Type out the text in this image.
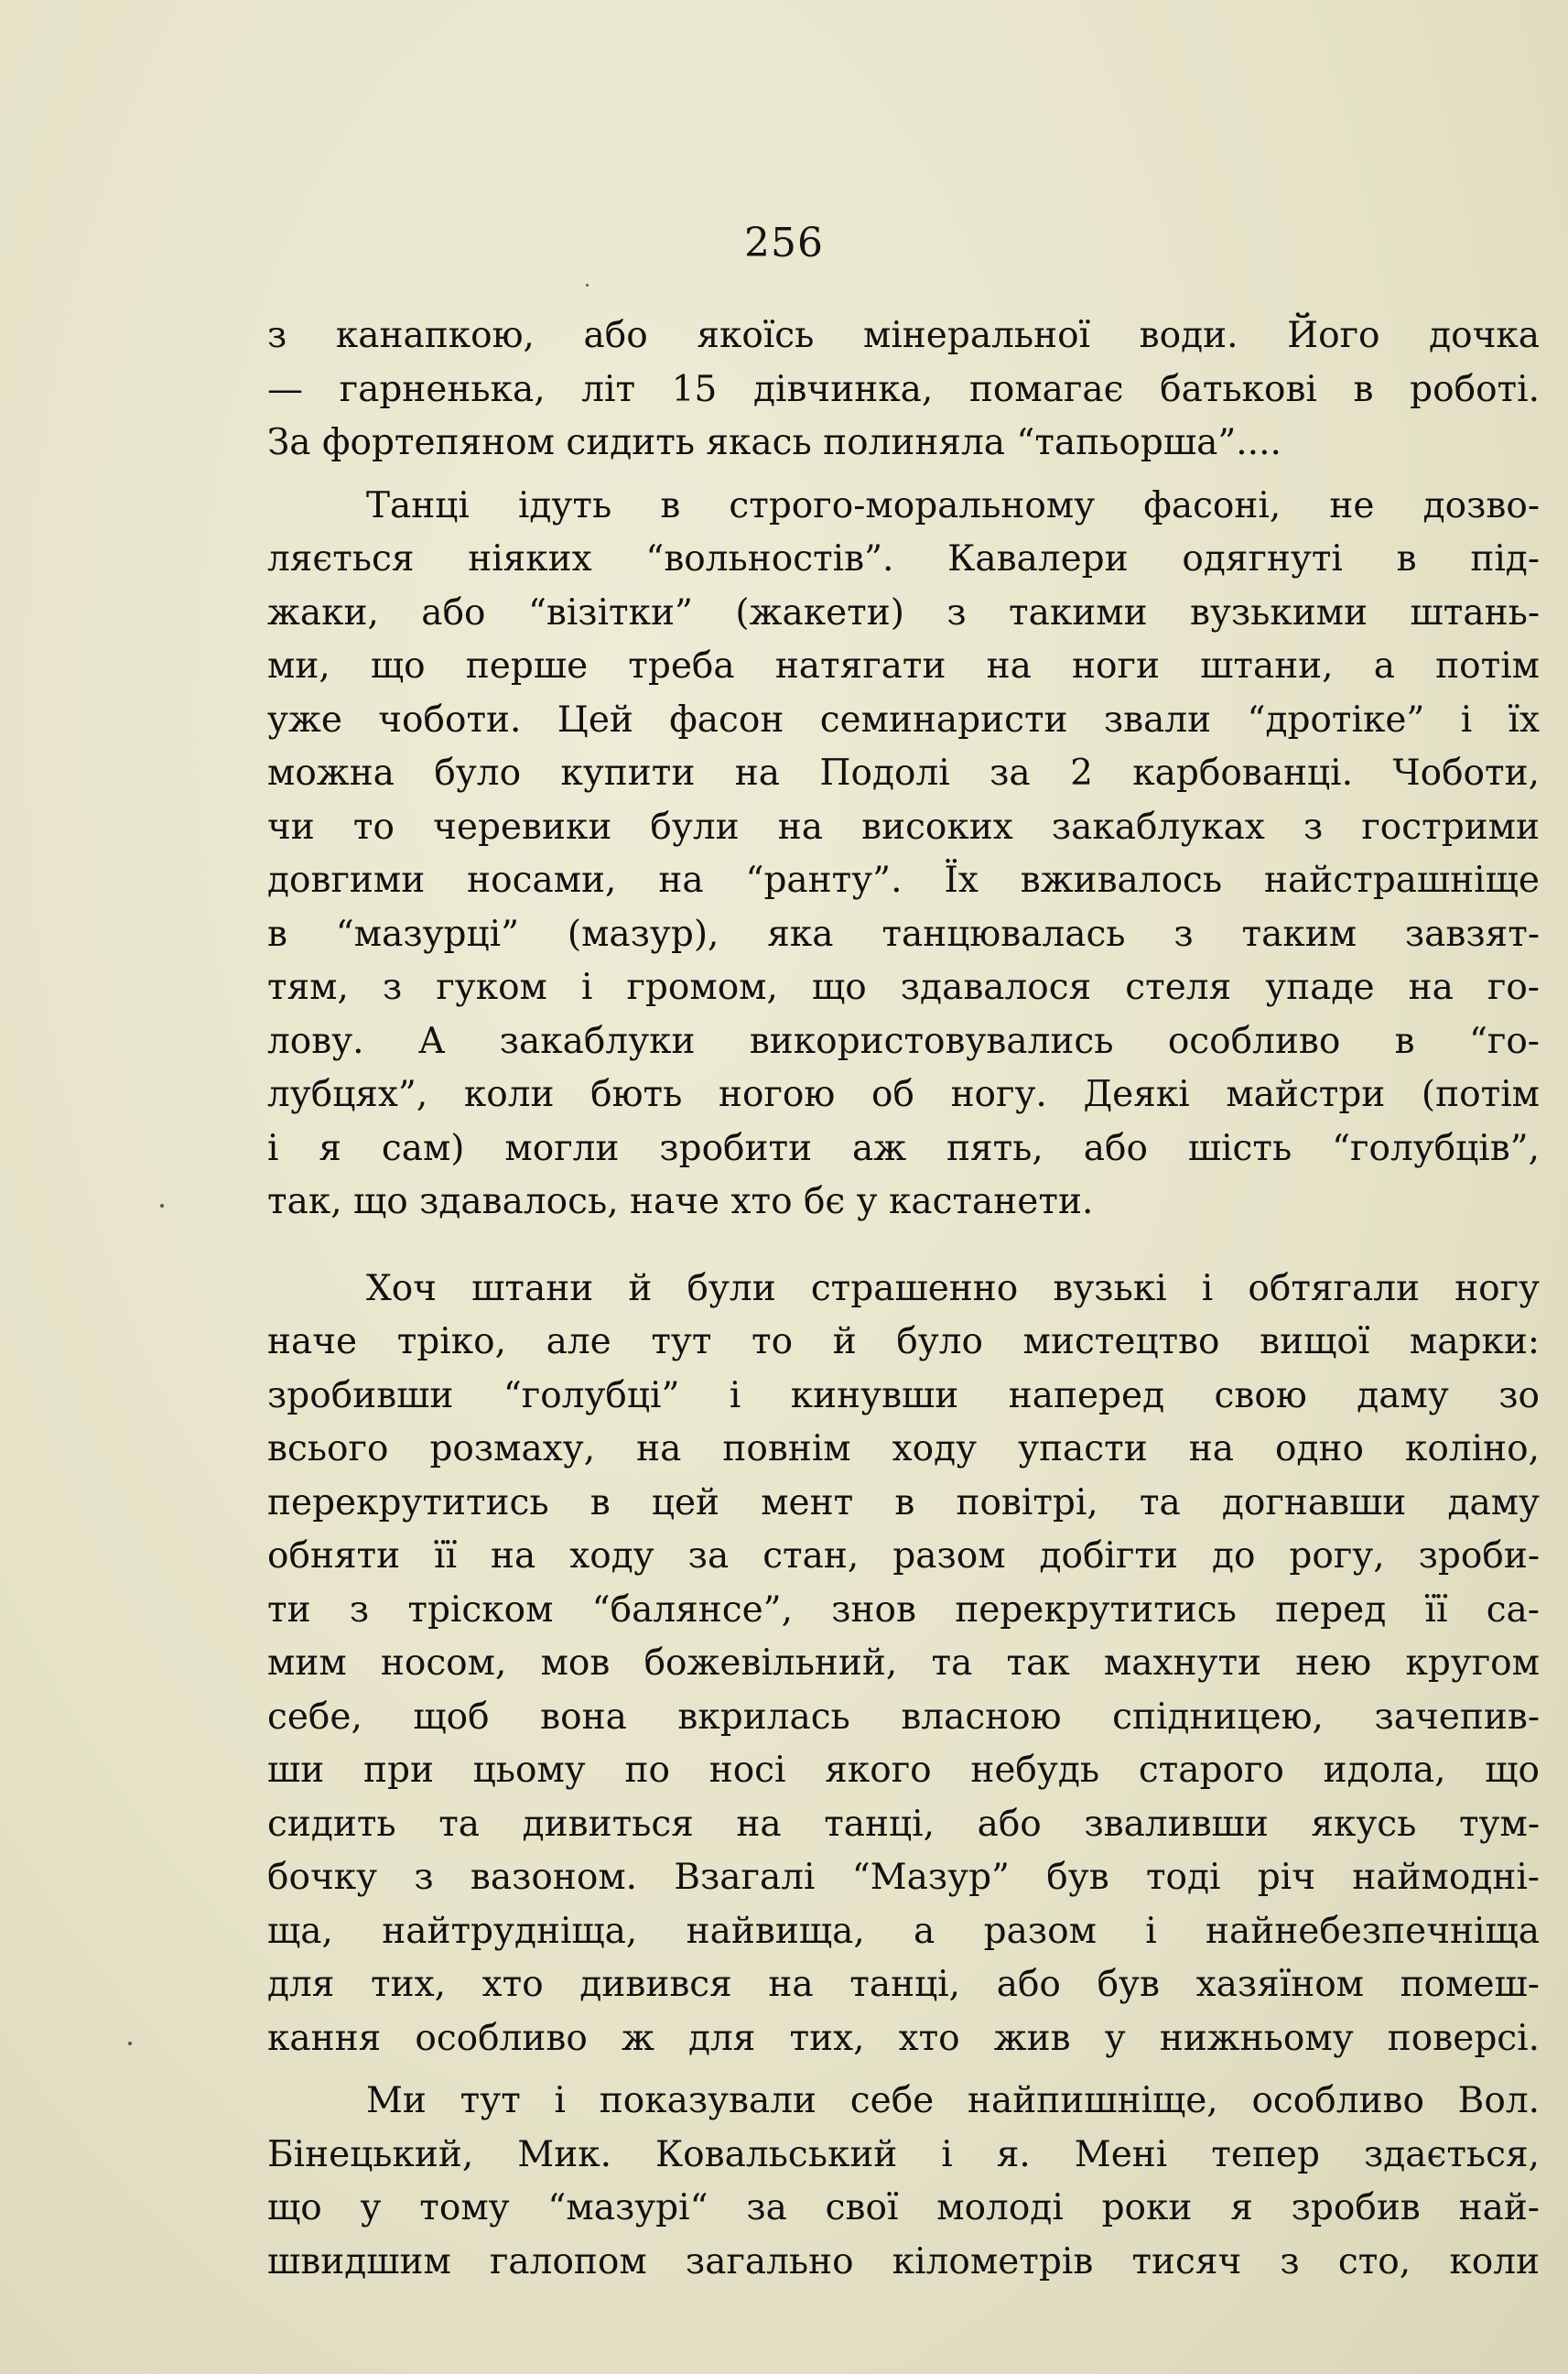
256
з канапкою, або якоїсь мінеральної води. Його дочка
— гарненька, літ 15 дівчинка, помагає батькові в роботі.
За фортепяном сидить якась полиняла “тапьорша”....
Танці ідуть в строго-моральному фасоні, не дозво-
ляється ніяких “вольностів”. Кавалери одягнуті в під-
жаки, або “візітки” (жакети) з такими вузькими штань-
ми, що перше треба натягати на ноги штани, а потім
уже чоботи. Цей фасон семинаристи звали “дротіке” і їх
можна було купити на Подолі за 2 карбованці. Чоботи,
чи то черевики були на високих закаблуках з гострими
довгими носами, на “ранту”. Їх вживалось найстрашніще
в “мазурці” (мазур), яка танцювалась з таким завзят-
тям, з гуком і громом, що здавалося стеля упаде на го-
лову. А закаблуки використовувались особливо в “го-
лубцях”, коли бють ногою об ногу. Деякі майстри (потім
і я сам) могли зробити аж пять, або шість “голубців”,
так, що здавалось, наче хто бє у кастанети.
Хоч штани й були страшенно вузькі і обтягали ногу
наче тріко, але тут то й було мистецтво вищої марки:
зробивши “голубці” і кинувши наперед свою даму зо
всього розмаху, на повнім ходу упасти на одно коліно,
перекрутитись в цей мент в повітрі, та догнавши даму
обняти її на ходу за стан, разом добігти до рогу, зроби-
ти з тріском “балянсе”, знов перекрутитись перед її са-
мим носом, мов божевільний, та так махнути нею кругом
себе, щоб вона вкрилась власною спідницею, зачепив-
ши при цьому по носі якого небудь старого идола, що
сидить та дивиться на танці, або зваливши якусь тум-
бочку з вазоном. Взагалі “Мазур” був тоді річ наймодні-
ща, найтрудніща, найвища, а разом і найнебезпечніща
для тих, хто дивився на танці, або був хазяїном помеш-
кання особливо ж для тих, хто жив у нижньому поверсі.
Ми тут і показували себе найпишніще, особливо Вол.
Бінецький, Мик. Ковальський і я. Мені тепер здається,
що у тому “мазурі“ за свої молоді роки я зробив най-
швидшим галопом загально кілометрів тисяч з сто, коли
